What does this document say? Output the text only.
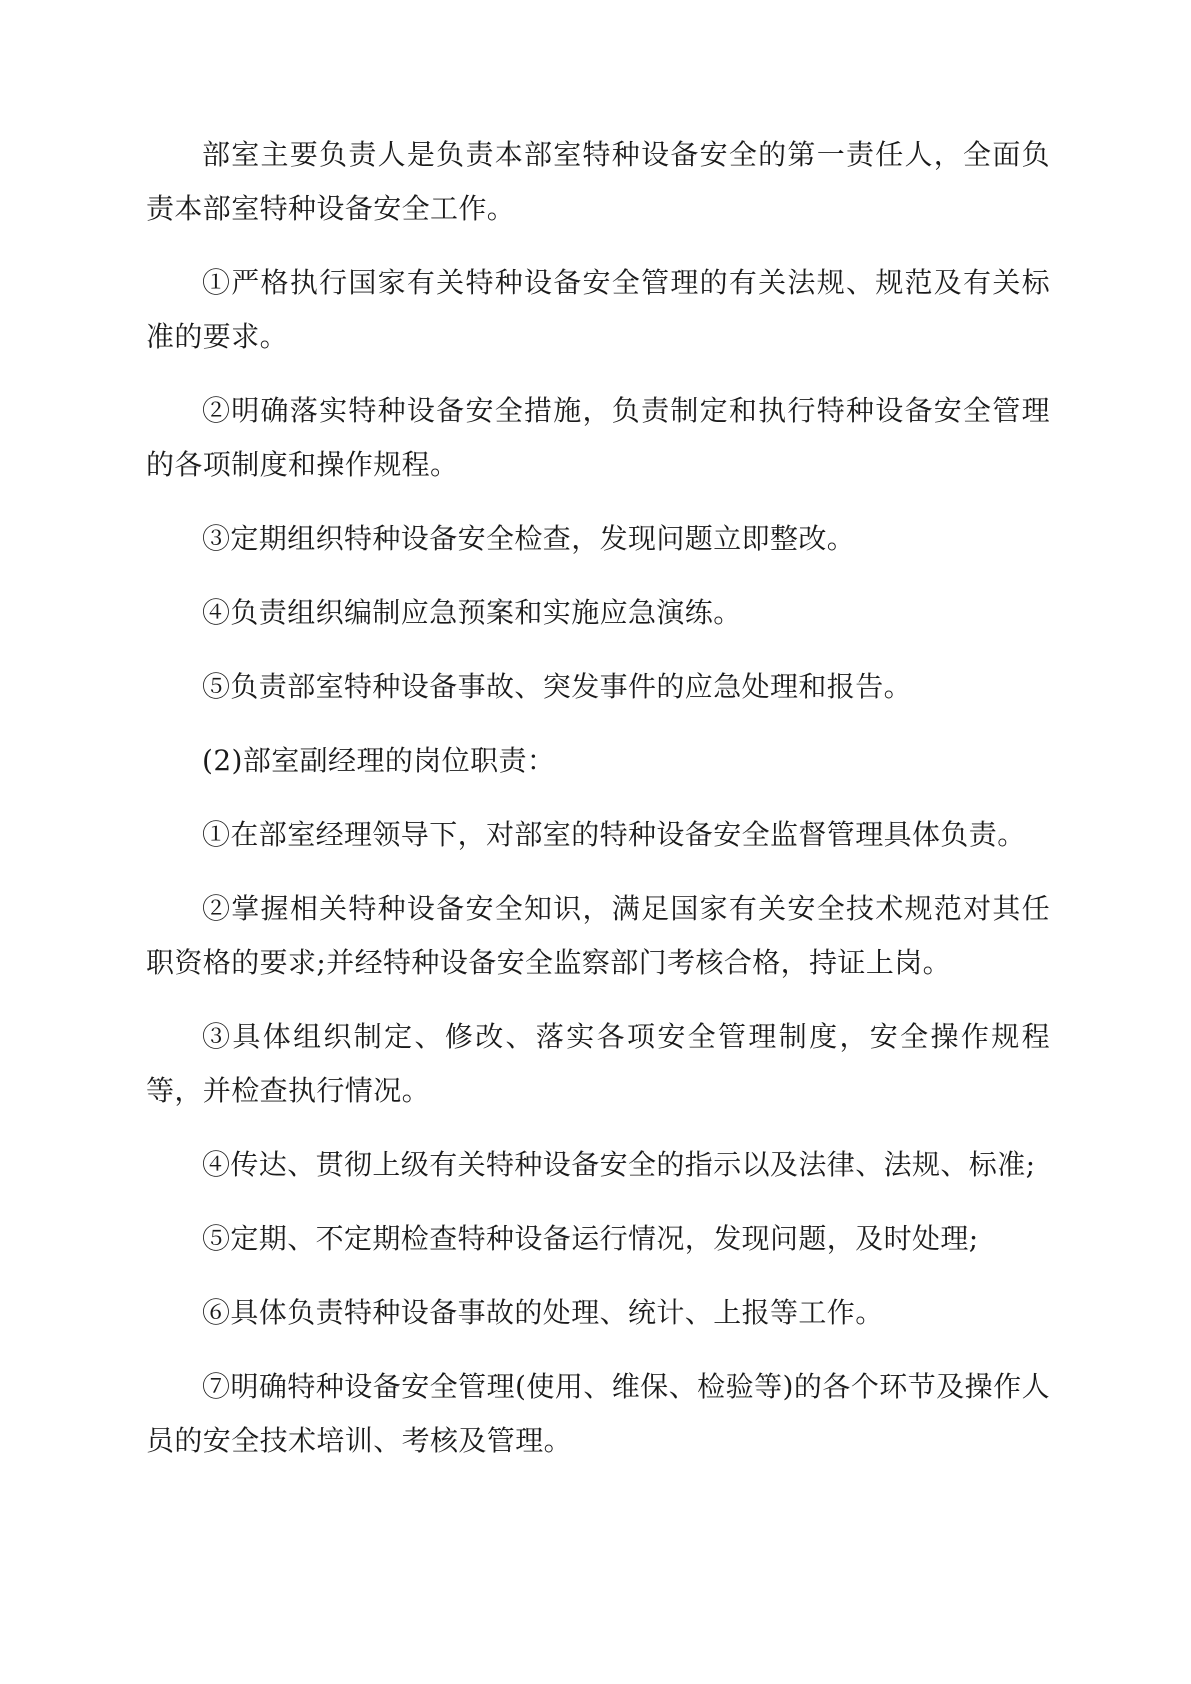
部室主要负责人是负责本部室特种设备安全的第一责任人，全面负责本部室特种设备安全工作。

①严格执行国家有关特种设备安全管理的有关法规、规范及有关标准的要求。

②明确落实特种设备安全措施，负责制定和执行特种设备安全管理的各项制度和操作规程。

③定期组织特种设备安全检查，发现问题立即整改。

④负责组织编制应急预案和实施应急演练。

⑤负责部室特种设备事故、突发事件的应急处理和报告。

(2)部室副经理的岗位职责：

①在部室经理领导下，对部室的特种设备安全监督管理具体负责。

②掌握相关特种设备安全知识，满足国家有关安全技术规范对其任职资格的要求;并经特种设备安全监察部门考核合格，持证上岗。

③具体组织制定、修改、落实各项安全管理制度，安全操作规程等，并检查执行情况。

④传达、贯彻上级有关特种设备安全的指示以及法律、法规、标准;

⑤定期、不定期检查特种设备运行情况，发现问题，及时处理;

⑥具体负责特种设备事故的处理、统计、上报等工作。

⑦明确特种设备安全管理(使用、维保、检验等)的各个环节及操作人员的安全技术培训、考核及管理。
